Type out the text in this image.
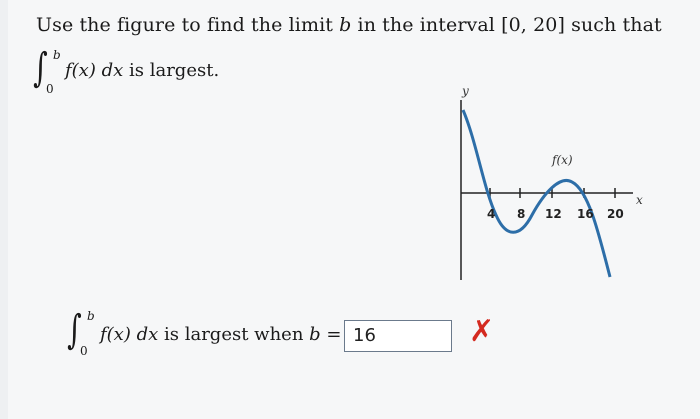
Use the figure to find the limit b in the interval [0, 20] such that
∫ b
0
f(x) dx is largest.
y
x
f(x)
4 8 12 16 20
∫ b
0
f(x) dx is largest when b = 16	✗
